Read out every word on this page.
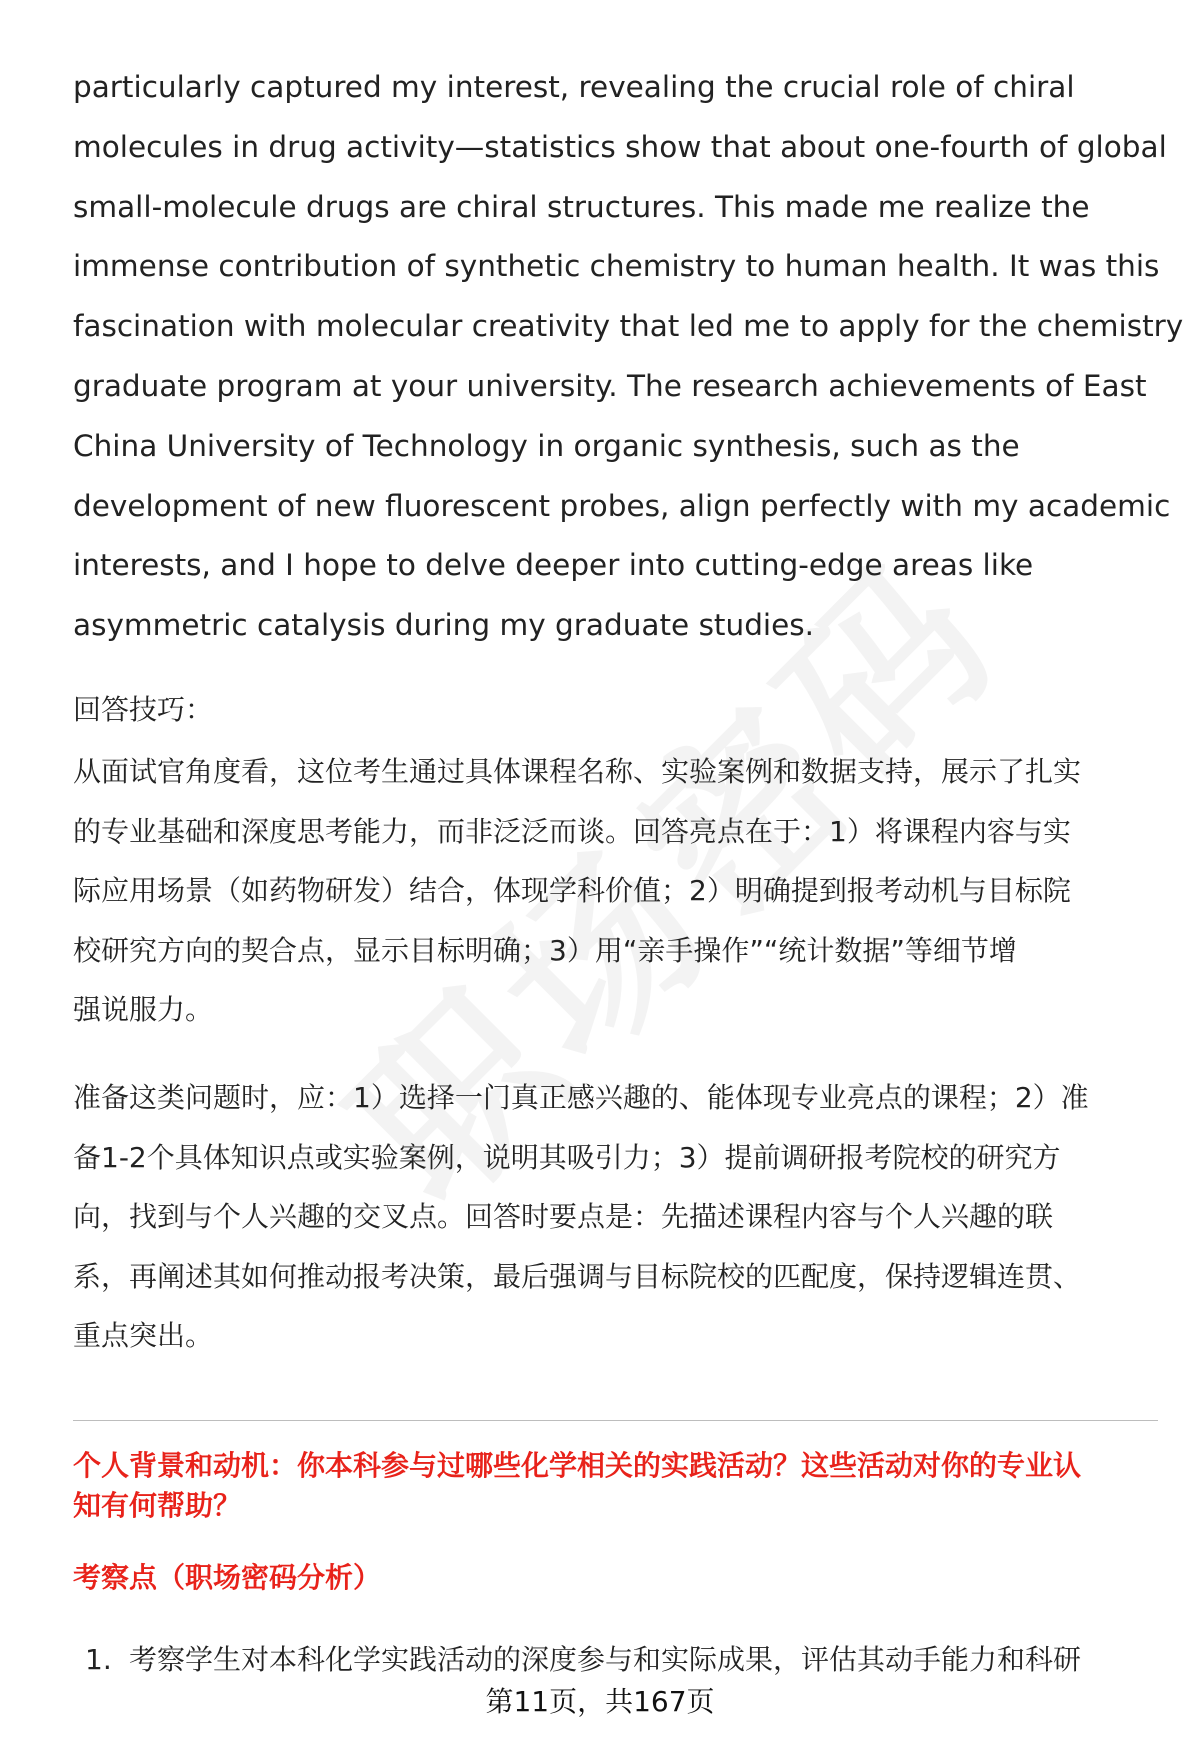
particularly captured my interest, revealing the crucial role of chiral
molecules in drug activity—statistics show that about one-fourth of global
small-molecule drugs are chiral structures. This made me realize the
immense contribution of synthetic chemistry to human health. It was this
fascination with molecular creativity that led me to apply for the chemistry
graduate program at your university. The research achievements of East
China University of Technology in organic synthesis, such as the
development of new fluorescent probes, align perfectly with my academic
interests, and I hope to delve deeper into cutting-edge areas like
asymmetric catalysis during my graduate studies.

回答技巧：

从面试官角度看，这位考生通过具体课程名称、实验案例和数据支持，展示了扎实
的专业基础和深度思考能力，而非泛泛而谈。回答亮点在于：1）将课程内容与实
际应用场景（如药物研发）结合，体现学科价值；2）明确提到报考动机与目标院
校研究方向的契合点，显示目标明确；3）用“亲手操作”“统计数据”等细节增
强说服力。

准备这类问题时，应：1）选择一门真正感兴趣的、能体现专业亮点的课程；2）准
备1-2个具体知识点或实验案例，说明其吸引力；3）提前调研报考院校的研究方
向，找到与个人兴趣的交叉点。回答时要点是：先描述课程内容与个人兴趣的联
系，再阐述其如何推动报考决策，最后强调与目标院校的匹配度，保持逻辑连贯、
重点突出。

个人背景和动机：你本科参与过哪些化学相关的实践活动？这些活动对你的专业认
知有何帮助？

考察点（职场密码分析）

1. 考察学生对本科化学实践活动的深度参与和实际成果，评估其动手能力和科研

第11页，共167页
